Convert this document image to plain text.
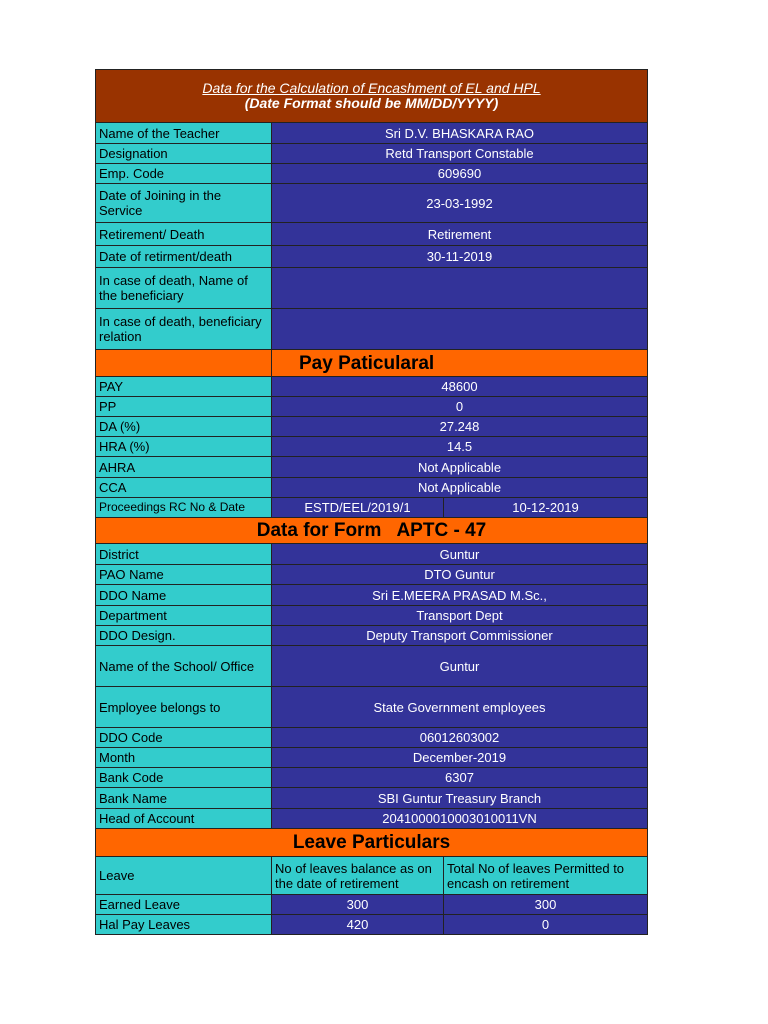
Data for the Calculation of Encashment of EL and HPL
(Date Format should be MM/DD/YYYY)		

Name of the Teacher	Sri D.V. BHASKARA RAO	
Designation	Retd Transport Constable	
Emp. Code	609690	
Date of Joining in the Service	23-03-1992	
Retirement/ Death	Retirement	
Date of retirment/death	30-11-2019	
In case of death, Name of the beneficiary		
In case of death, beneficiary relation		
	Pay Paticularal	
PAY	48600	
PP	0	
DA (%)	27.248	
HRA (%)	14.5	
AHRA	Not Applicable	
CCA	Not Applicable	
Proceedings RC No & Date	ESTD/EEL/2019/1	10-12-2019
Data for Form   APTC - 47		
District	Guntur	
PAO Name	DTO Guntur	
DDO Name	Sri E.MEERA PRASAD M.Sc.,	
Department	Transport Dept	
DDO Design.	Deputy Transport Commissioner	
Name of the School/ Office	Guntur	
Employee belongs to	State Government employees	
DDO Code	06012603002	
Month	December-2019	
Bank Code	6307	
Bank Name	SBI Guntur Treasury Branch	
Head of Account	2041000010003010011VN	
Leave Particulars		
Leave	No of leaves balance as on the date of retirement	Total No of leaves Permitted to encash on retirement
Earned Leave	300	300
Hal Pay Leaves	420	0
